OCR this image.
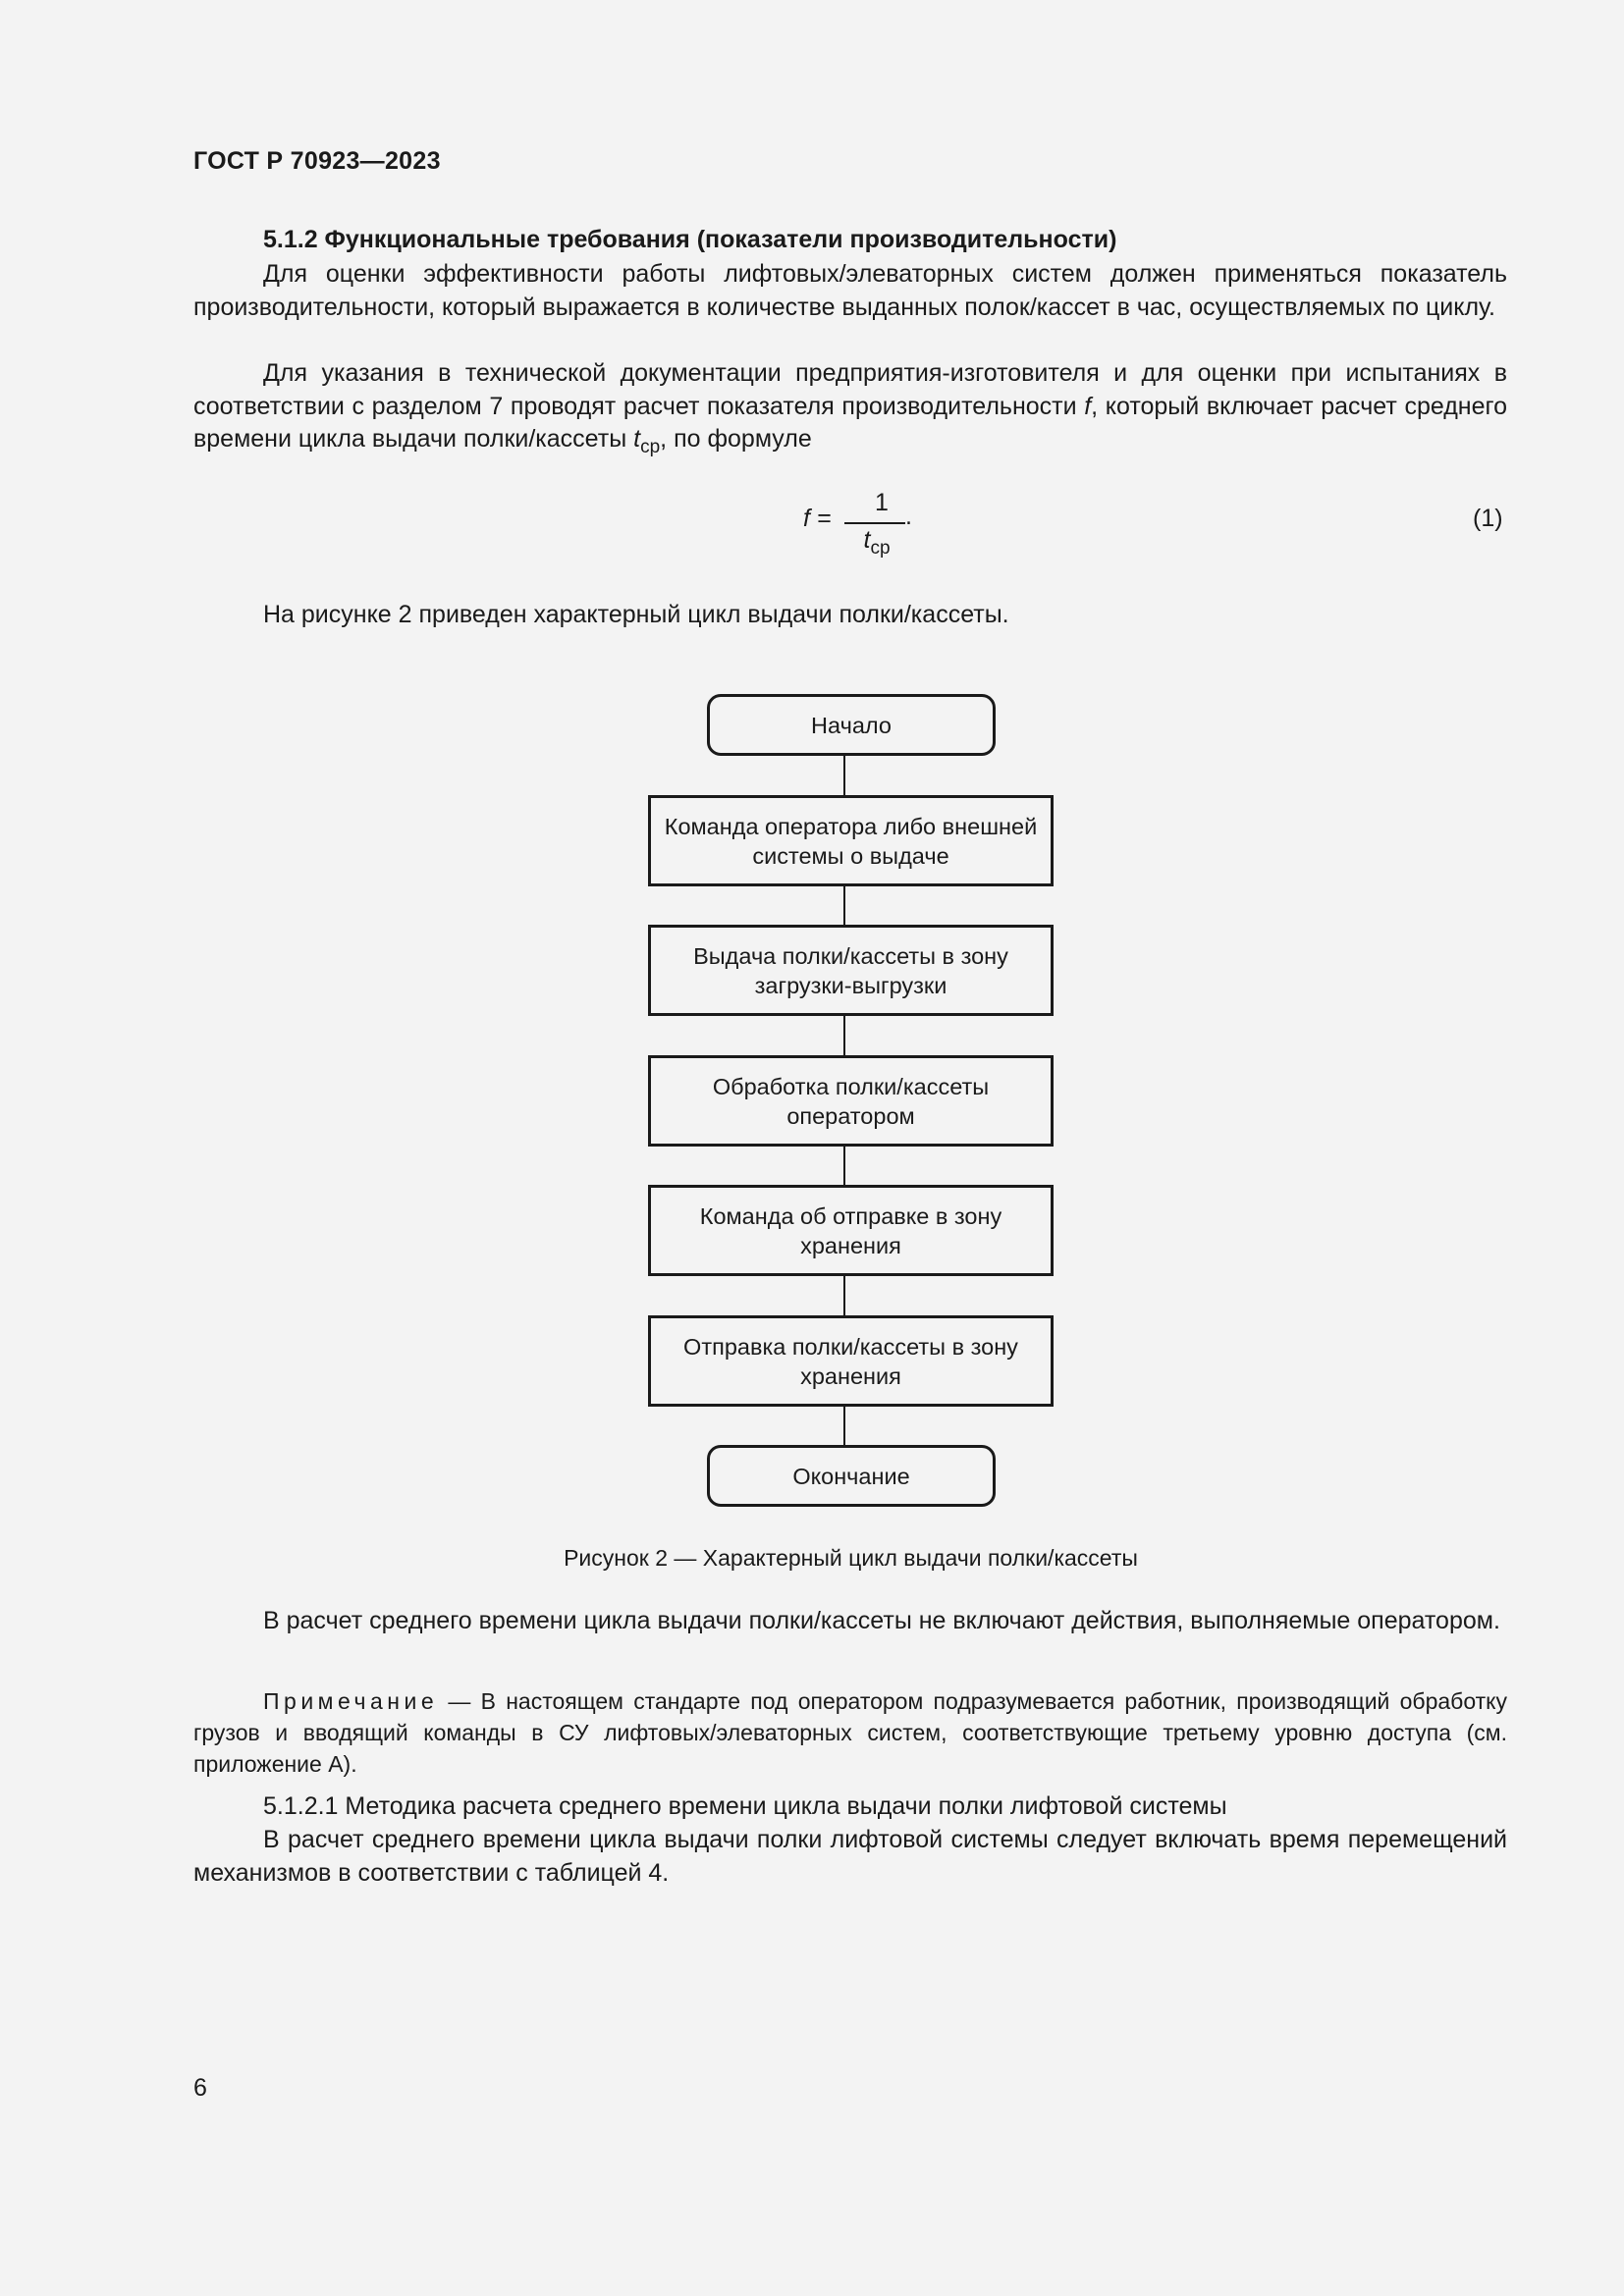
ГОСТ Р 70923—2023
5.1.2 Функциональные требования (показатели производительности)
Для оценки эффективности работы лифтовых/элеваторных систем должен применяться показатель производительности, который выражается в количестве выданных полок/кассет в час, осуществляемых по циклу.
Для указания в технической документации предприятия-изготовителя и для оценки при испытаниях в соответствии с разделом 7 проводят расчет показателя производительности f, который включает расчет среднего времени цикла выдачи полки/кассеты $t_{ср}$, по формуле
f =
1
$t_{ср}$
.	(1)
На рисунке 2 приведен характерный цикл выдачи полки/кассеты.
Начало
Команда оператора либо внешней системы о выдаче
Выдача полки/кассеты в зону загрузки-выгрузки
Обработка полки/кассеты оператором
Команда об отправке в зону хранения
Отправка полки/кассеты в зону хранения
Окончание
Рисунок 2 — Характерный цикл выдачи полки/кассеты
В расчет среднего времени цикла выдачи полки/кассеты не включают действия, выполняемые оператором.
Примечание — В настоящем стандарте под оператором подразумевается работник, производящий обработку грузов и вводящий команды в СУ лифтовых/элеваторных систем, соответствующие третьему уровню доступа (см. приложение А).
5.1.2.1 Методика расчета среднего времени цикла выдачи полки лифтовой системы
В расчет среднего времени цикла выдачи полки лифтовой системы следует включать время перемещений механизмов в соответствии с таблицей 4.
6
